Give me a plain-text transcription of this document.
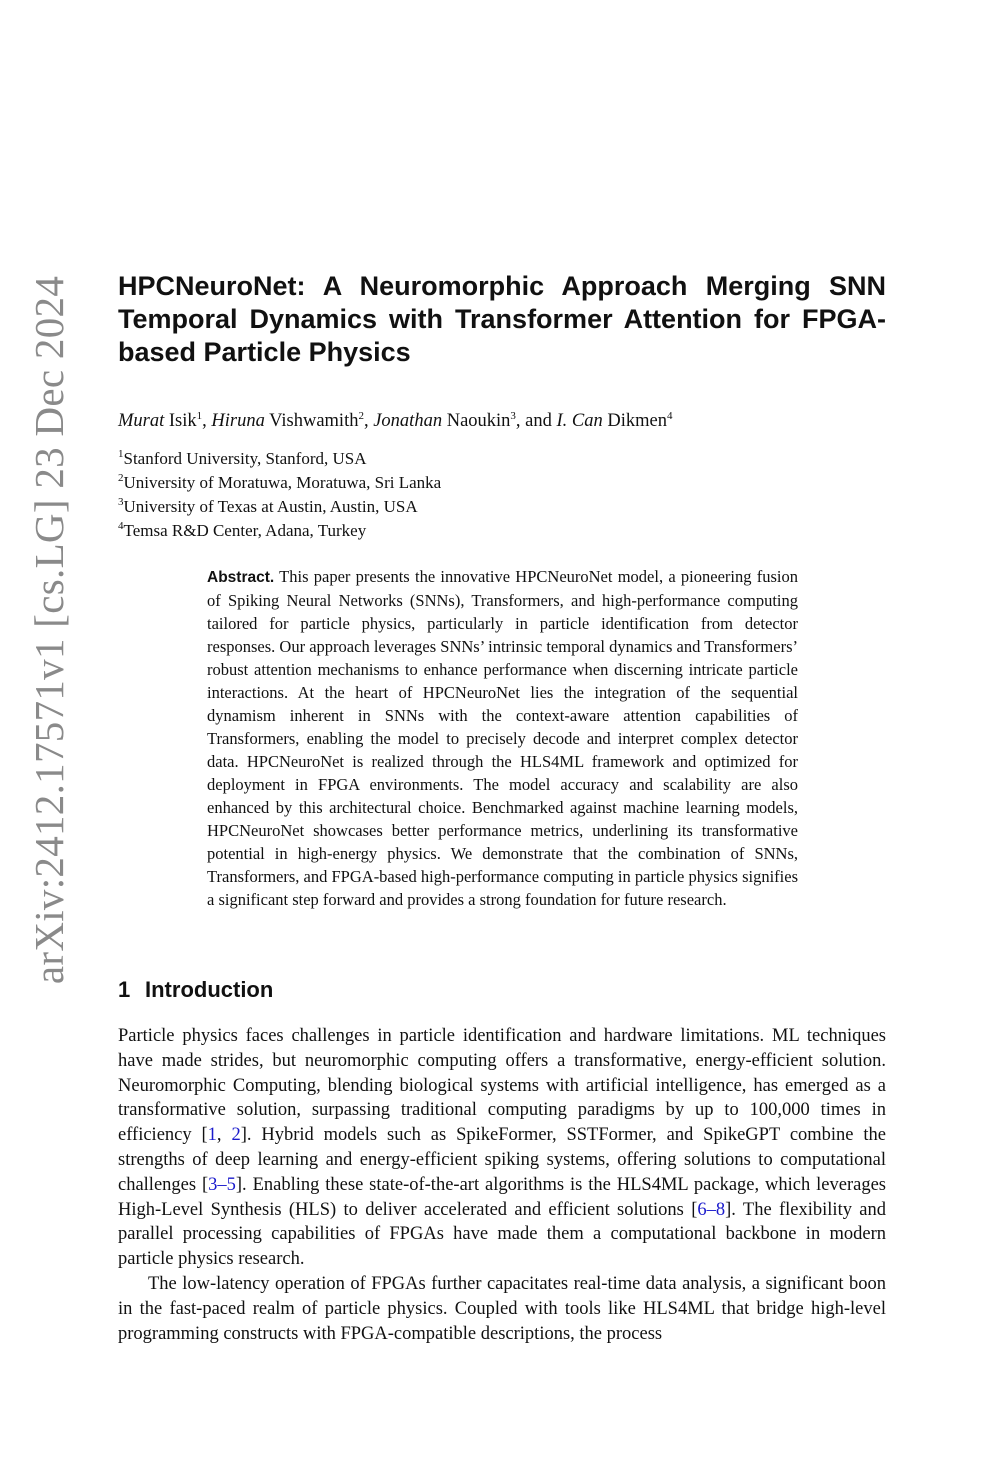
arXiv:2412.17571v1 [cs.LG] 23 Dec 2024 HPCNeuroNet: A Neuromorphic Approach Merging SNN
Temporal Dynamics with Transformer Attention for FPGA-
based Particle Physics
Murat Isik$^1$, Hiruna Vishwamith$^2$, Jonathan Naoukin$^3$, and I. Can Dikmen$^4$
$^1$Stanford University, Stanford, USA
$^2$University of Moratuwa, Moratuwa, Sri Lanka
$^3$University of Texas at Austin, Austin, USA
$^4$Temsa R&D Center, Adana, Turkey
Abstract. This paper presents the innovative HPCNeuroNet model, a pioneering fusion of Spiking Neural Networks (SNNs), Transformers, and high-performance computing tailored for particle physics, particularly in particle identification from detector responses. Our approach leverages SNNs’ intrinsic temporal dynamics and Transformers’ robust attention mechanisms to enhance performance when discerning intricate particle interactions. At the heart of HPCNeuroNet lies the integration of the sequential dynamism inherent in SNNs with the context-aware attention capabilities of Transformers, enabling the model to precisely decode and interpret complex detector data. HPCNeuroNet is realized through the HLS4ML framework and optimized for deployment in FPGA environments. The model accuracy and scalability are also enhanced by this architectural choice. Benchmarked against machine learning models, HPCNeuroNet showcases better performance metrics, underlining its transformative potential in high-energy physics. We demonstrate that the combination of SNNs, Transformers, and FPGA-based high-performance computing in particle physics signifies a significant step forward and provides a strong foundation for future research.
1 Introduction

Particle physics faces challenges in particle identification and hardware limitations. ML techniques have made strides, but neuromorphic computing offers a transformative, energy-efficient solution. Neuromorphic Computing, blending biological systems with artificial intelligence, has emerged as a transformative solution, surpassing traditional computing paradigms by up to 100,000 times in efficiency [1, 2]. Hybrid models such as SpikeFormer, SSTFormer, and SpikeGPT combine the strengths of deep learning and energy-efficient spiking systems, offering solutions to computational challenges [3–5]. Enabling these state-of-the-art algorithms is the HLS4ML package, which leverages High-Level Synthesis (HLS) to deliver accelerated and efficient solutions [6–8]. The flexibility and parallel processing capabilities of FPGAs have made them a computational backbone in modern particle physics research.

The low-latency operation of FPGAs further capacitates real-time data analysis, a significant boon in the fast-paced realm of particle physics. Coupled with tools like HLS4ML that bridge high-level programming constructs with FPGA-compatible descriptions, the process
